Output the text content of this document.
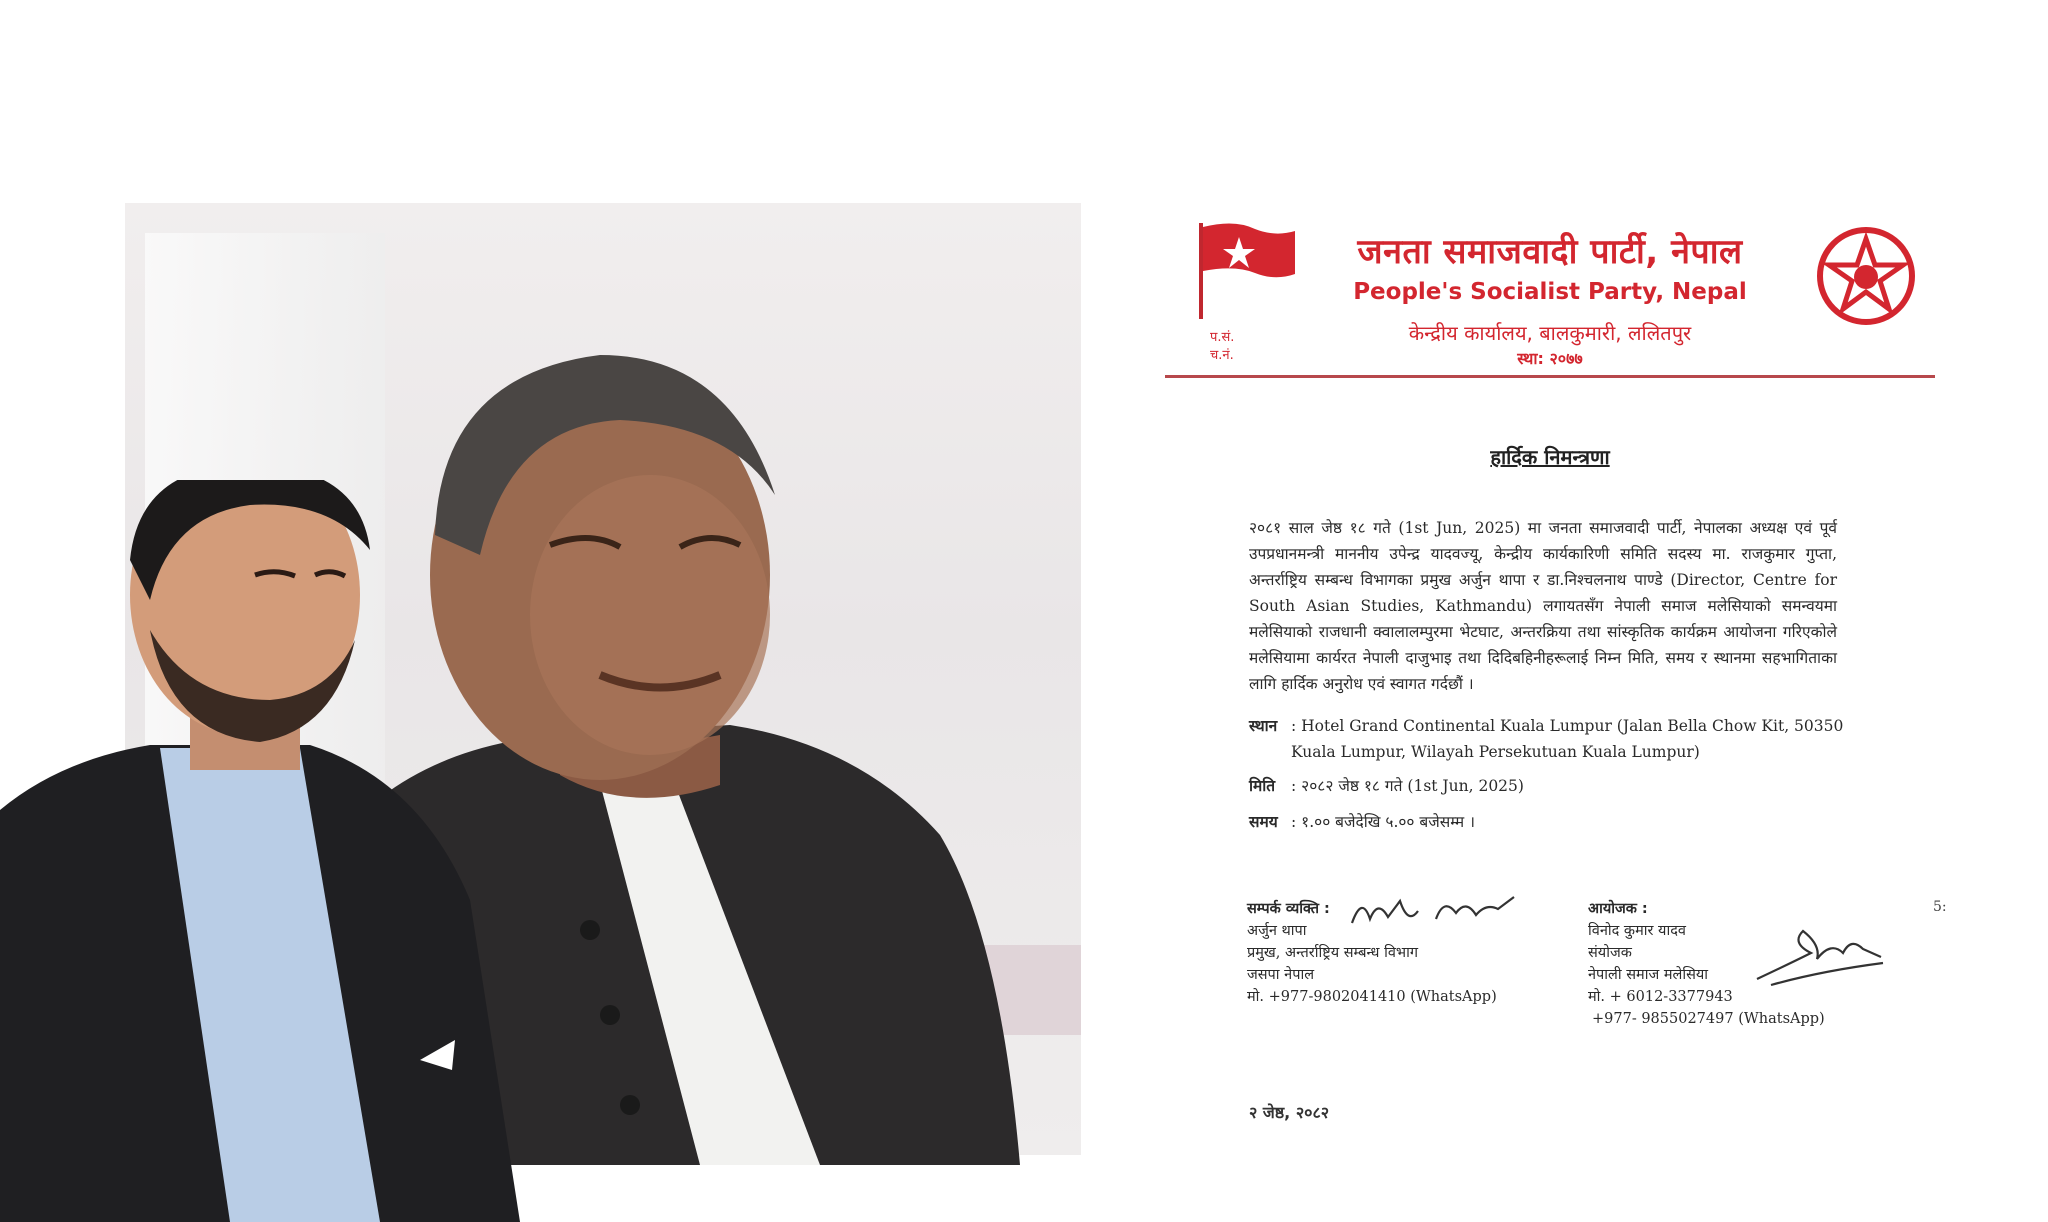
जनता समाजवादी पार्टी, नेपाल
People's Socialist Party, Nepal
केन्द्रीय कार्यालय, बालकुमारी, ललितपुर
स्था: २०७७
प.सं.
च.नं.
हार्दिक निमन्त्रणा
२०८१ साल जेष्ठ १८ गते (1st Jun, 2025) मा जनता समाजवादी पार्टी, नेपालका अध्यक्ष एवं पूर्व उपप्रधानमन्त्री माननीय उपेन्द्र यादवज्यू, केन्द्रीय कार्यकारिणी समिति सदस्य मा. राजकुमार गुप्ता, अन्तर्राष्ट्रिय सम्बन्ध विभागका प्रमुख अर्जुन थापा र डा.निश्चलनाथ पाण्डे (Director, Centre for South Asian Studies, Kathmandu) लगायतसँग नेपाली समाज मलेसियाको समन्वयमा मलेसियाको राजधानी क्वालालम्पुरमा भेटघाट, अन्तरक्रिया तथा सांस्कृतिक कार्यक्रम आयोजना गरिएकोले मलेसियामा कार्यरत नेपाली दाजुभाइ तथा दिदिबहिनीहरूलाई निम्न मिति, समय र स्थानमा सहभागिताका लागि हार्दिक अनुरोध एवं स्वागत गर्दछौं ।
स्थान : Hotel Grand Continental Kuala Lumpur (Jalan Bella Chow Kit, 50350 Kuala Lumpur, Wilayah Persekutuan Kuala Lumpur)
मिति	: २०८२ जेष्ठ १८ गते (1st Jun, 2025)
समय : १.०० बजेदेखि ५.०० बजेसम्म ।
सम्पर्क व्यक्ति :
अर्जुन थापा
प्रमुख, अन्तर्राष्ट्रिय सम्बन्ध विभाग
जसपा नेपाल
मो. +977-9802041410 (WhatsApp)
आयोजक :
विनोद कुमार यादव
संयोजक
नेपाली समाज मलेसिया
मो. + 6012-3377943
+977- 9855027497 (WhatsApp)
5:
२ जेष्ठ, २०८२
